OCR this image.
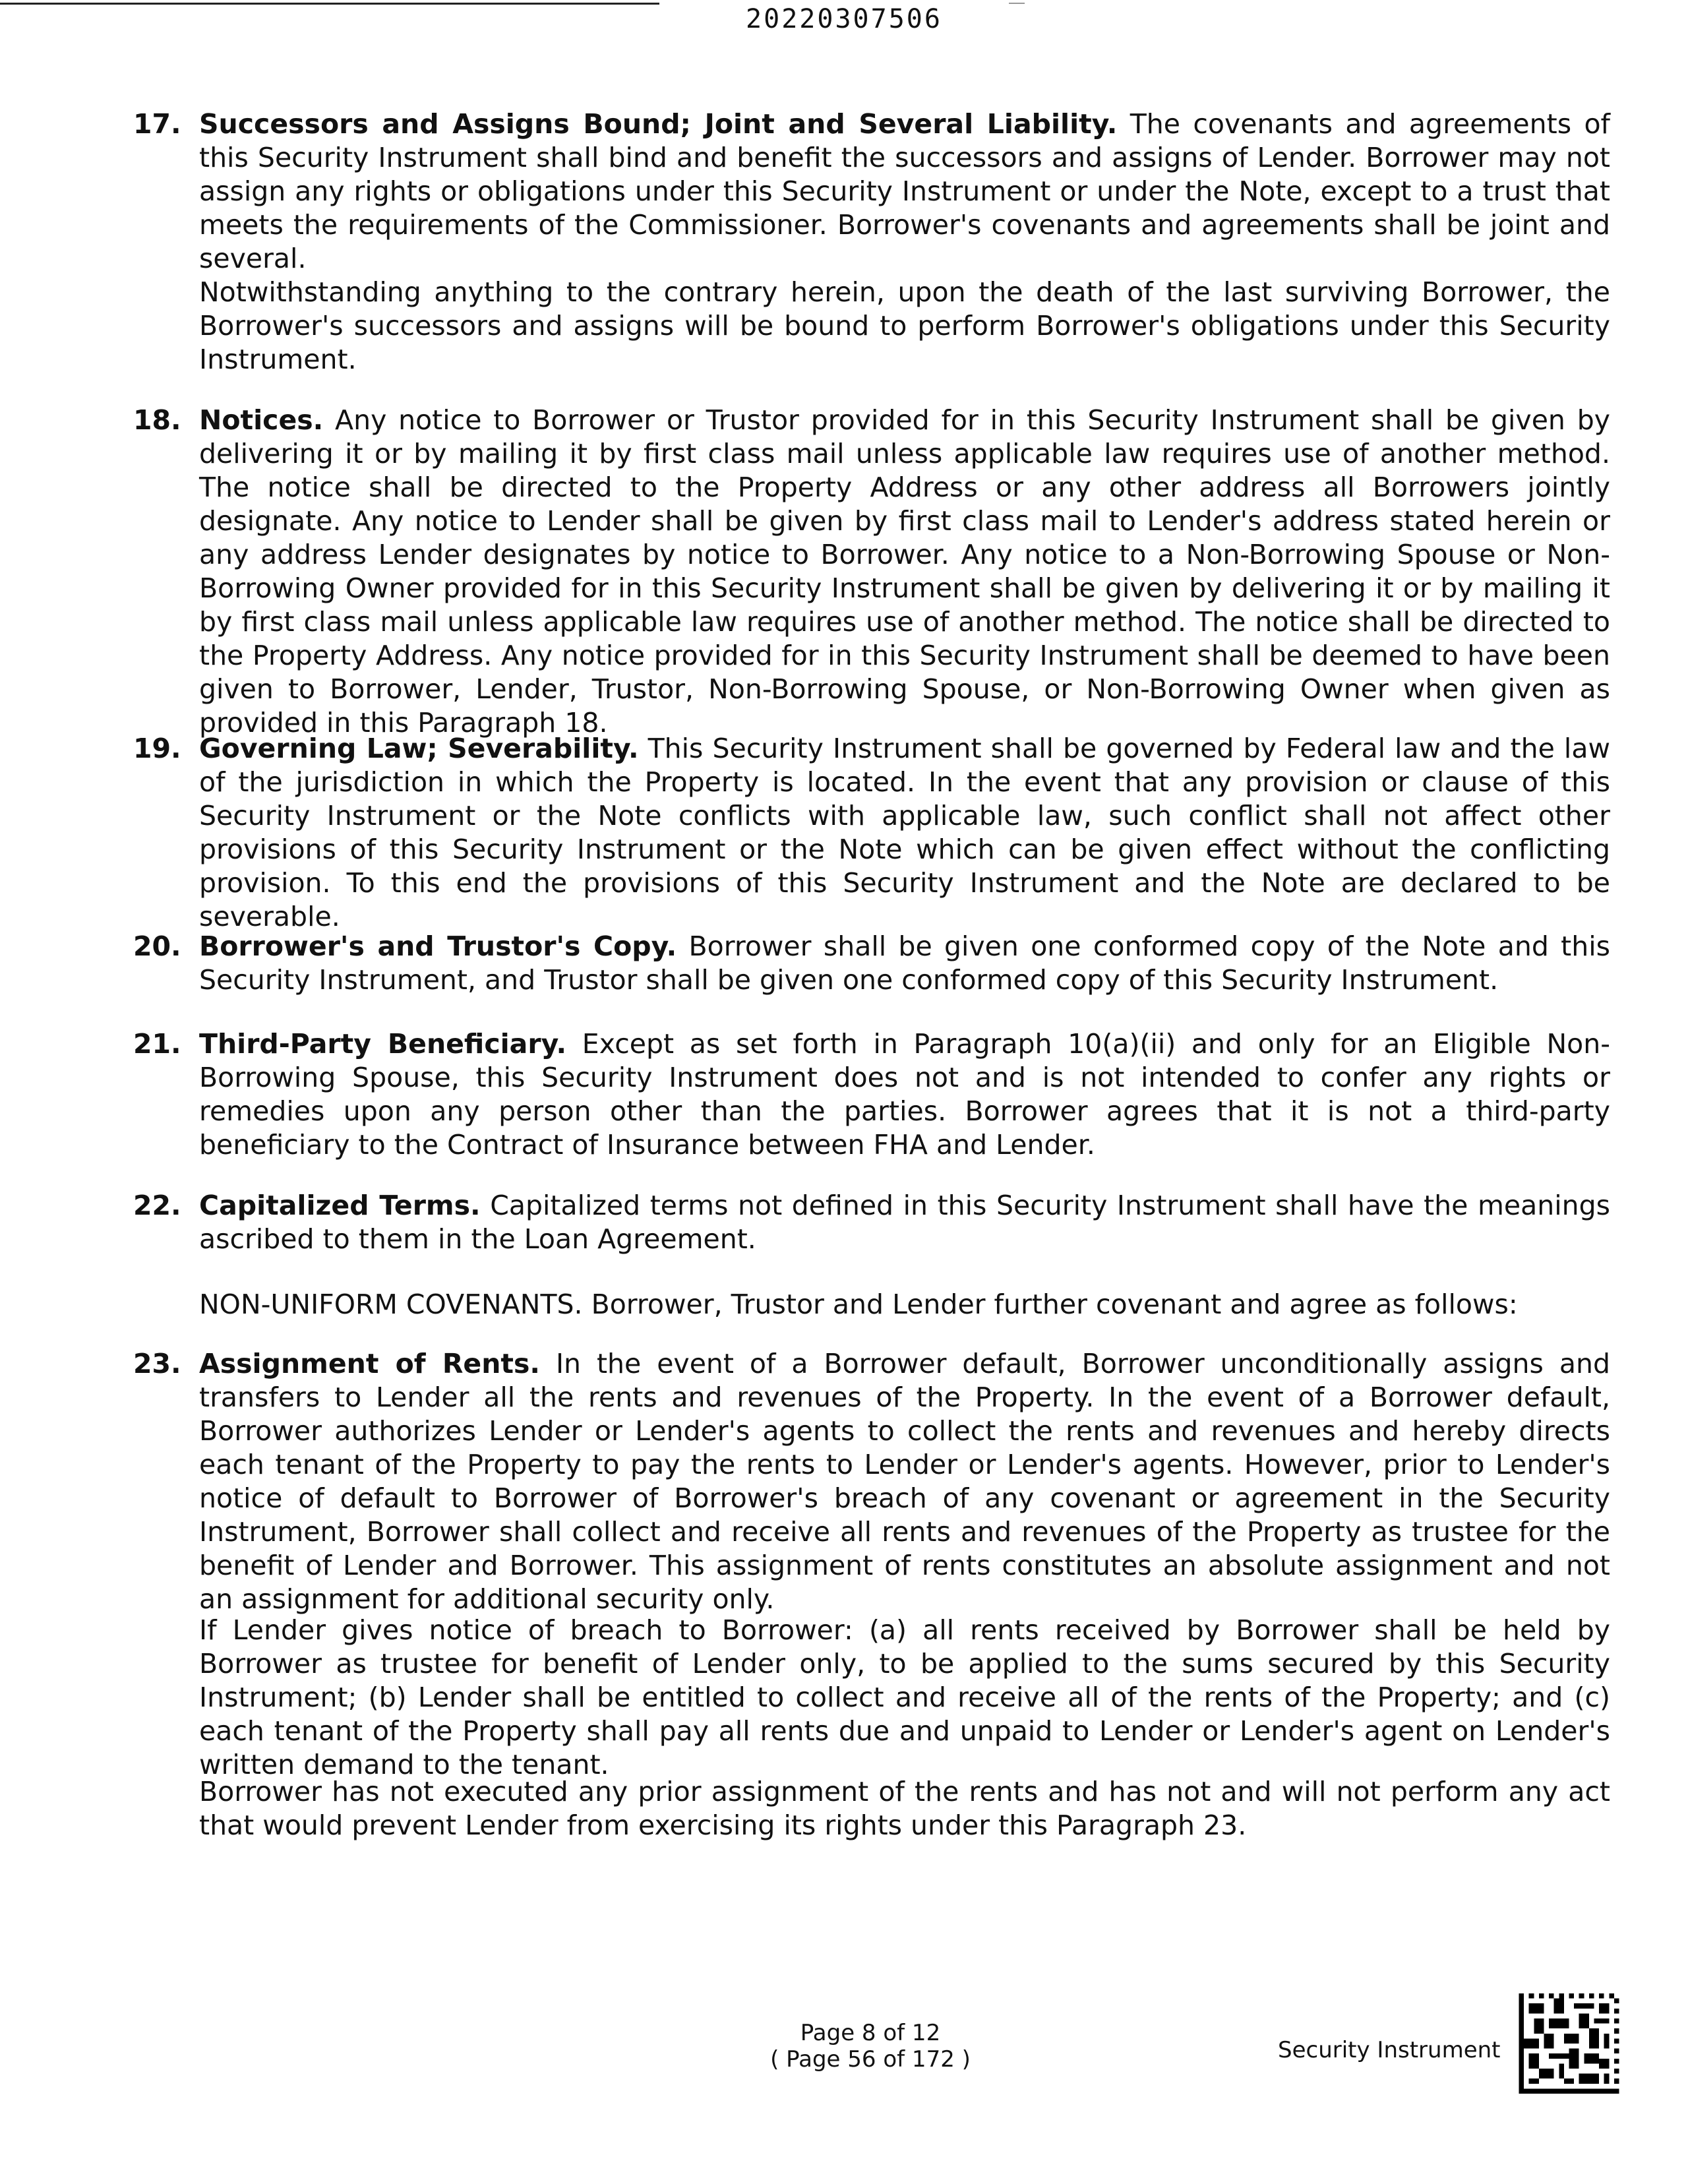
20220307506
17. Successors and Assigns Bound; Joint and Several Liability. The covenants and agreements of this Security Instrument shall bind and benefit the successors and assigns of Lender. Borrower may not assign any rights or obligations under this Security Instrument or under the Note, except to a trust that meets the requirements of the Commissioner. Borrower's covenants and agreements shall be joint and several.
Notwithstanding anything to the contrary herein, upon the death of the last surviving Borrower, the Borrower's successors and assigns will be bound to perform Borrower's obligations under this Security Instrument.
18. Notices. Any notice to Borrower or Trustor provided for in this Security Instrument shall be given by delivering it or by mailing it by first class mail unless applicable law requires use of another method. The notice shall be directed to the Property Address or any other address all Borrowers jointly designate. Any notice to Lender shall be given by first class mail to Lender's address stated herein or any address Lender designates by notice to Borrower. Any notice to a Non-Borrowing Spouse or Non-Borrowing Owner provided for in this Security Instrument shall be given by delivering it or by mailing it by first class mail unless applicable law requires use of another method. The notice shall be directed to the Property Address. Any notice provided for in this Security Instrument shall be deemed to have been given to Borrower, Lender, Trustor, Non-Borrowing Spouse, or Non-Borrowing Owner when given as provided in this Paragraph 18.
19. Governing Law; Severability. This Security Instrument shall be governed by Federal law and the law of the jurisdiction in which the Property is located. In the event that any provision or clause of this Security Instrument or the Note conflicts with applicable law, such conflict shall not affect other provisions of this Security Instrument or the Note which can be given effect without the conflicting provision. To this end the provisions of this Security Instrument and the Note are declared to be severable.
20. Borrower's and Trustor's Copy. Borrower shall be given one conformed copy of the Note and this Security Instrument, and Trustor shall be given one conformed copy of this Security Instrument.
21. Third-Party Beneficiary. Except as set forth in Paragraph 10(a)(ii) and only for an Eligible Non-Borrowing Spouse, this Security Instrument does not and is not intended to confer any rights or remedies upon any person other than the parties. Borrower agrees that it is not a third-party beneficiary to the Contract of Insurance between FHA and Lender.
22. Capitalized Terms. Capitalized terms not defined in this Security Instrument shall have the meanings ascribed to them in the Loan Agreement.
NON-UNIFORM COVENANTS. Borrower, Trustor and Lender further covenant and agree as follows:
23. Assignment of Rents. In the event of a Borrower default, Borrower unconditionally assigns and transfers to Lender all the rents and revenues of the Property. In the event of a Borrower default, Borrower authorizes Lender or Lender's agents to collect the rents and revenues and hereby directs each tenant of the Property to pay the rents to Lender or Lender's agents. However, prior to Lender's notice of default to Borrower of Borrower's breach of any covenant or agreement in the Security Instrument, Borrower shall collect and receive all rents and revenues of the Property as trustee for the benefit of Lender and Borrower. This assignment of rents constitutes an absolute assignment and not an assignment for additional security only.
If Lender gives notice of breach to Borrower: (a) all rents received by Borrower shall be held by Borrower as trustee for benefit of Lender only, to be applied to the sums secured by this Security Instrument; (b) Lender shall be entitled to collect and receive all of the rents of the Property; and (c) each tenant of the Property shall pay all rents due and unpaid to Lender or Lender's agent on Lender's written demand to the tenant.
Borrower has not executed any prior assignment of the rents and has not and will not perform any act that would prevent Lender from exercising its rights under this Paragraph 23.
Page 8 of 12
( Page 56 of 172 )	Security Instrument
